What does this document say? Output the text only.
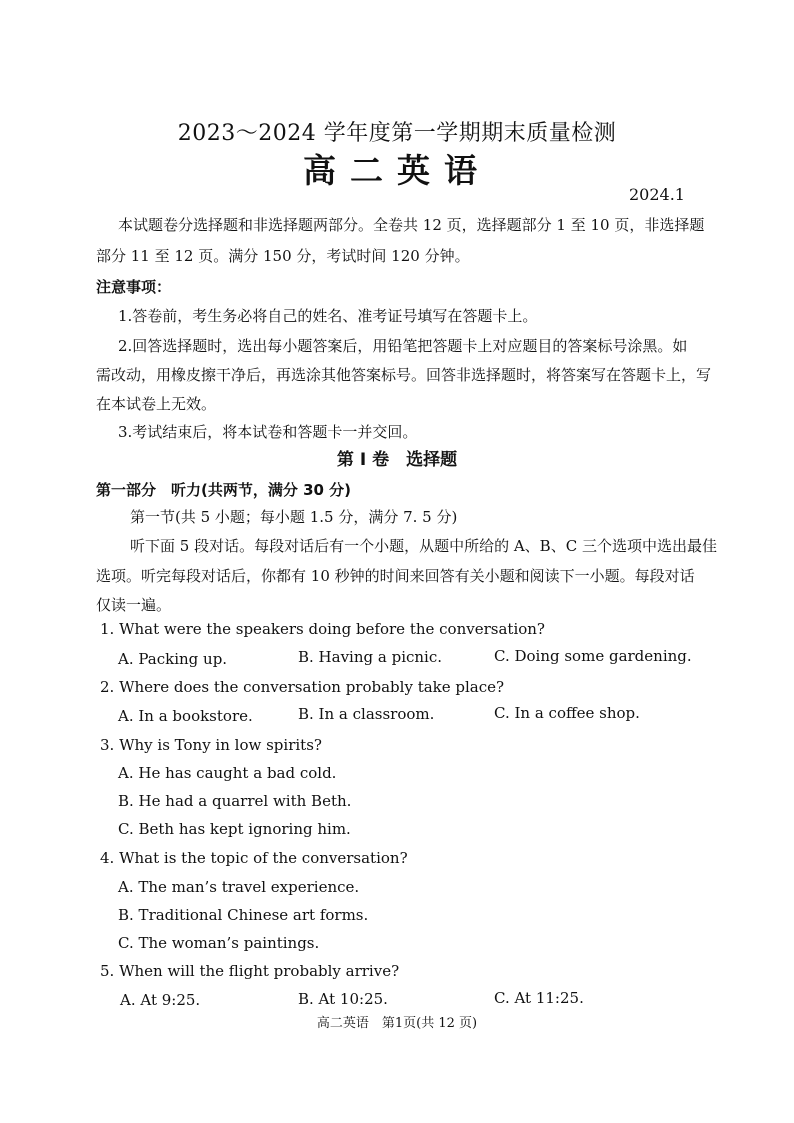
2023～2024 学年度第一学期期末质量检测
高二英语
2024.1
本试题卷分选择题和非选择题两部分。全卷共 12 页，选择题部分 1 至 10 页，非选择题
部分 11 至 12 页。满分 150 分，考试时间 120 分钟。
注意事项：
1.答卷前，考生务必将自己的姓名、准考证号填写在答题卡上。
2.回答选择题时，选出每小题答案后，用铅笔把答题卡上对应题目的答案标号涂黑。如
需改动，用橡皮擦干净后，再选涂其他答案标号。回答非选择题时，将答案写在答题卡上，写
在本试卷上无效。
3.考试结束后，将本试卷和答题卡一并交回。
第 Ⅰ 卷　选择题
第一部分　听力(共两节，满分 30 分)
第一节(共 5 小题；每小题 1.5 分，满分 7. 5 分)
听下面 5 段对话。每段对话后有一个小题，从题中所给的 A、B、C 三个选项中选出最佳
选项。听完每段对话后，你都有 10 秒钟的时间来回答有关小题和阅读下一小题。每段对话
仅读一遍。
1. What were the speakers doing before the conversation?
A. Packing up.	B. Having a picnic.	C. Doing some gardening.
2. Where does the conversation probably take place?
A. In a bookstore.	B. In a classroom.	C. In a coffee shop.
3. Why is Tony in low spirits?
A. He has caught a bad cold.
B. He had a quarrel with Beth.
C. Beth has kept ignoring him.
4. What is the topic of the conversation?
A. The man’s travel experience.
B. Traditional Chinese art forms.
C. The woman’s paintings.
5. When will the flight probably arrive?
A. At 9:25.	B. At 10:25.	C. At 11:25.
高二英语　第1页(共 12 页)
